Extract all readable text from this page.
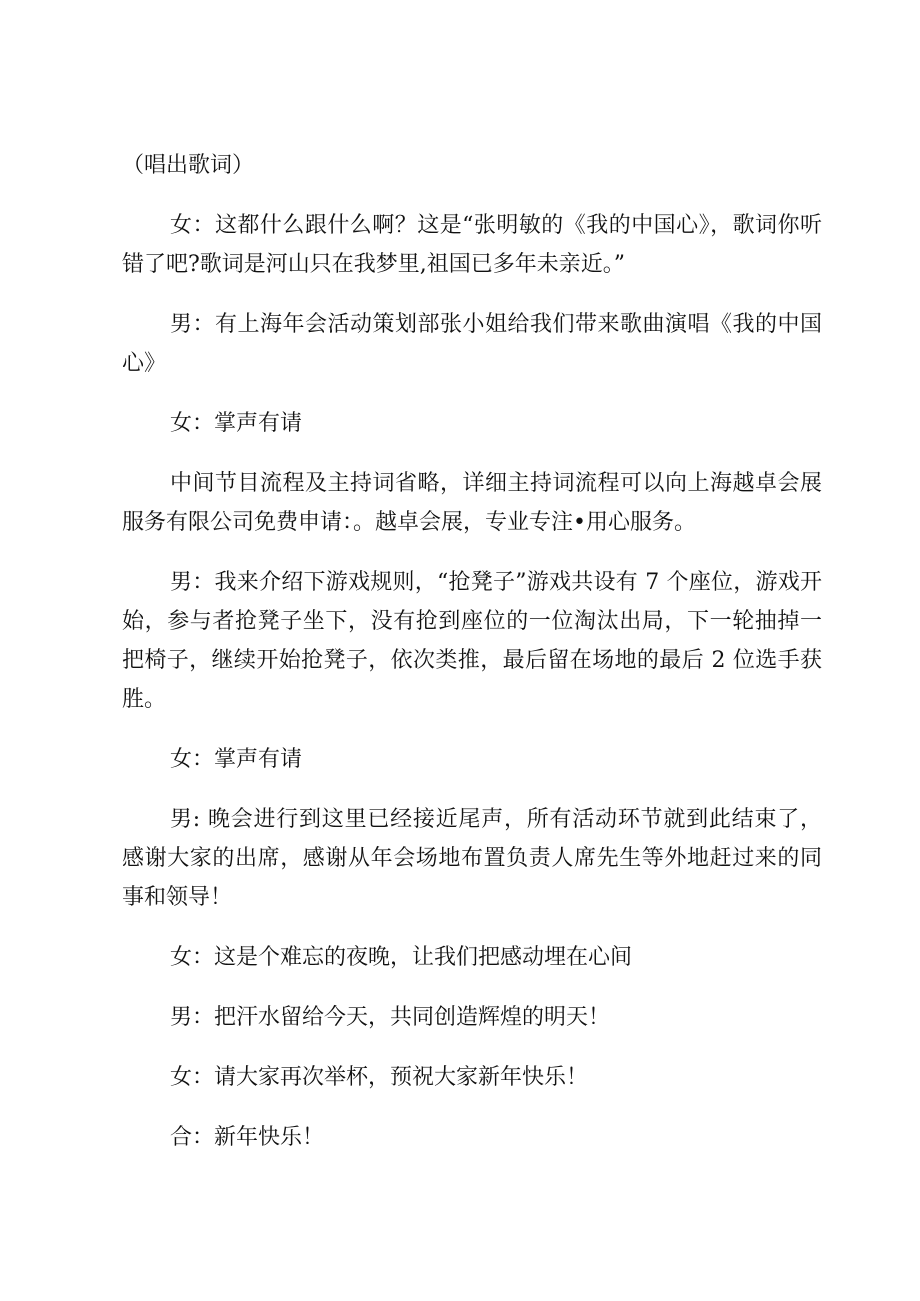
（唱出歌词）

女：这都什么跟什么啊？这是“张明敏的《我的中国心》，歌词你听错了吧?歌词是河山只在我梦里,祖国已多年未亲近。”

男：有上海年会活动策划部张小姐给我们带来歌曲演唱《我的中国心》

女：掌声有请

中间节目流程及主持词省略，详细主持词流程可以向上海越卓会展服务有限公司免费申请：。越卓会展，专业专注•用心服务。

男：我来介绍下游戏规则，“抢凳子”游戏共设有 7 个座位，游戏开始，参与者抢凳子坐下，没有抢到座位的一位淘汰出局，下一轮抽掉一把椅子，继续开始抢凳子，依次类推，最后留在场地的最后 2 位选手获胜。

女：掌声有请

男: 晚会进行到这里已经接近尾声，所有活动环节就到此结束了，感谢大家的出席，感谢从年会场地布置负责人席先生等外地赶过来的同事和领导！

女：这是个难忘的夜晚，让我们把感动埋在心间

男：把汗水留给今天，共同创造辉煌的明天！

女：请大家再次举杯，预祝大家新年快乐！

合：新年快乐！
